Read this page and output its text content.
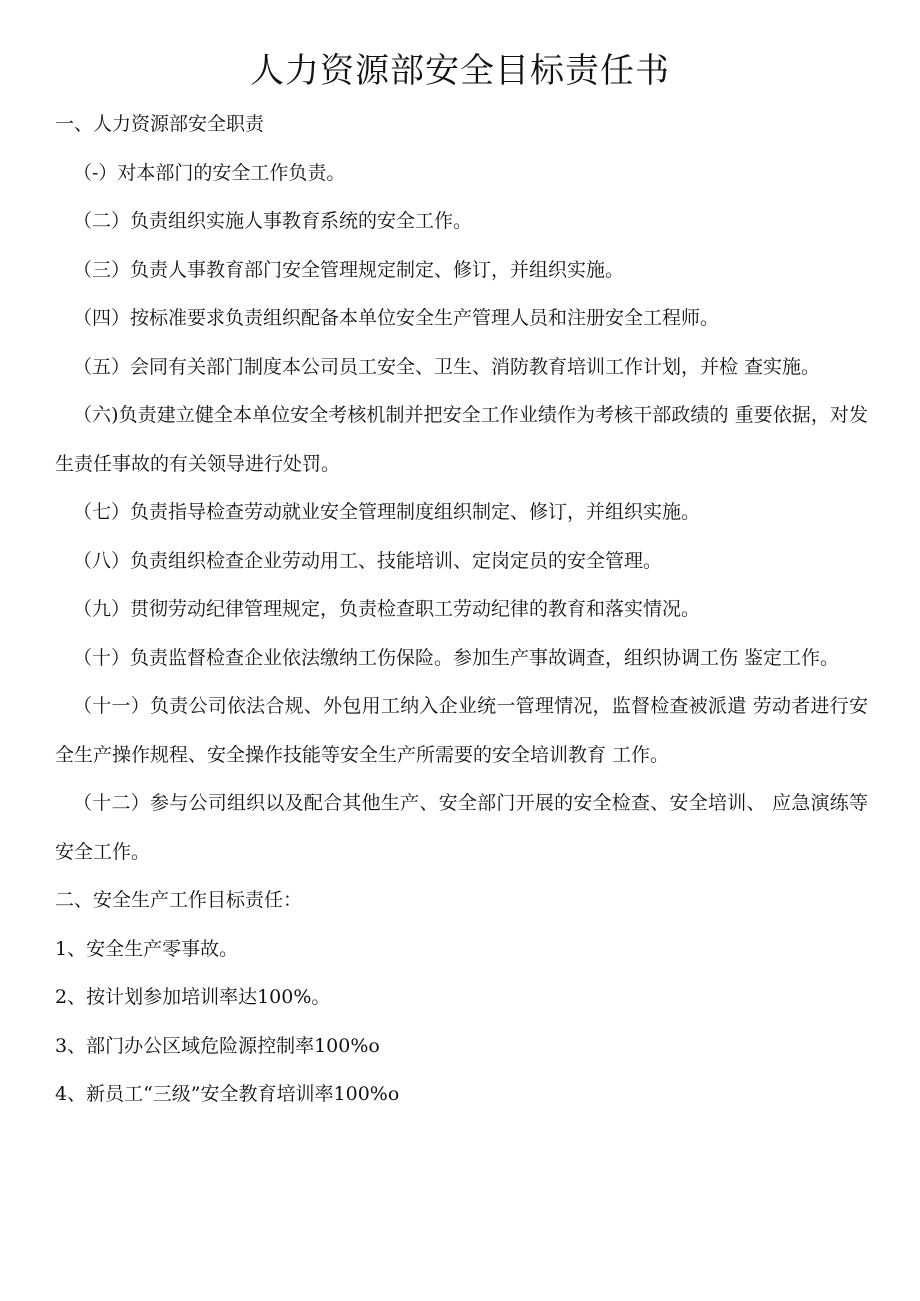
人力资源部安全目标责任书

一、人力资源部安全职责

（-）对本部门的安全工作负责。

（二）负责组织实施人事教育系统的安全工作。

（三）负责人事教育部门安全管理规定制定、修订，并组织实施。

（四）按标准要求负责组织配备本单位安全生产管理人员和注册安全工程师。

（五）会同有关部门制度本公司员工安全、卫生、消防教育培训工作计划，并检 查实施。

（六)负责建立健全本单位安全考核机制并把安全工作业绩作为考核干部政绩的 重要依据，对发生责任事故的有关领导进行处罚。

（七）负责指导检查劳动就业安全管理制度组织制定、修订，并组织实施。

（八）负责组织检查企业劳动用工、技能培训、定岗定员的安全管理。

（九）贯彻劳动纪律管理规定，负责检查职工劳动纪律的教育和落实情况。

（十）负责监督检查企业依法缴纳工伤保险。参加生产事故调查，组织协调工伤 鉴定工作。

（十一）负责公司依法合规、外包用工纳入企业统一管理情况，监督检查被派遣 劳动者进行安全生产操作规程、安全操作技能等安全生产所需要的安全培训教育 工作。

（十二）参与公司组织以及配合其他生产、安全部门开展的安全检查、安全培训、 应急演练等安全工作。

二、安全生产工作目标责任：

1、安全生产零事故。

2、按计划参加培训率达100%。

3、部门办公区域危险源控制率100%o

4、新员工“三级”安全教育培训率100%o
